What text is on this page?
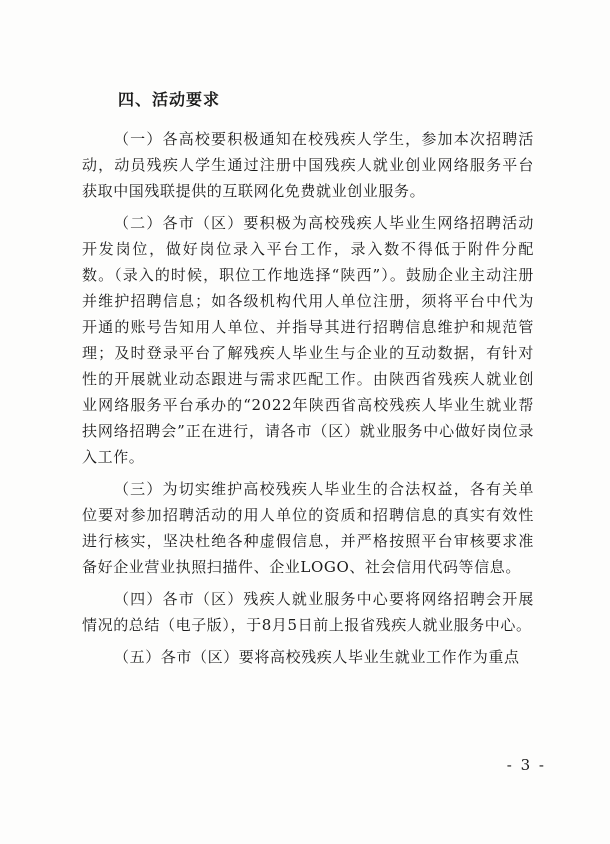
四、活动要求

（一）各高校要积极通知在校残疾人学生，参加本次招聘活动，动员残疾人学生通过注册中国残疾人就业创业网络服务平台获取中国残联提供的互联网化免费就业创业服务。

（二）各市（区）要积极为高校残疾人毕业生网络招聘活动开发岗位，做好岗位录入平台工作，录入数不得低于附件分配数。（录入的时候，职位工作地选择“陕西”）。鼓励企业主动注册并维护招聘信息；如各级机构代用人单位注册，须将平台中代为开通的账号告知用人单位、并指导其进行招聘信息维护和规范管理；及时登录平台了解残疾人毕业生与企业的互动数据，有针对性的开展就业动态跟进与需求匹配工作。由陕西省残疾人就业创业网络服务平台承办的“2022年陕西省高校残疾人毕业生就业帮扶网络招聘会”正在进行，请各市（区）就业服务中心做好岗位录入工作。

（三）为切实维护高校残疾人毕业生的合法权益，各有关单位要对参加招聘活动的用人单位的资质和招聘信息的真实有效性进行核实，坚决杜绝各种虚假信息，并严格按照平台审核要求准备好企业营业执照扫描件、企业LOGO、社会信用代码等信息。

（四）各市（区）残疾人就业服务中心要将网络招聘会开展情况的总结（电子版），于8月5日前上报省残疾人就业服务中心。

（五）各市（区）要将高校残疾人毕业生就业工作作为重点

- 3 -
